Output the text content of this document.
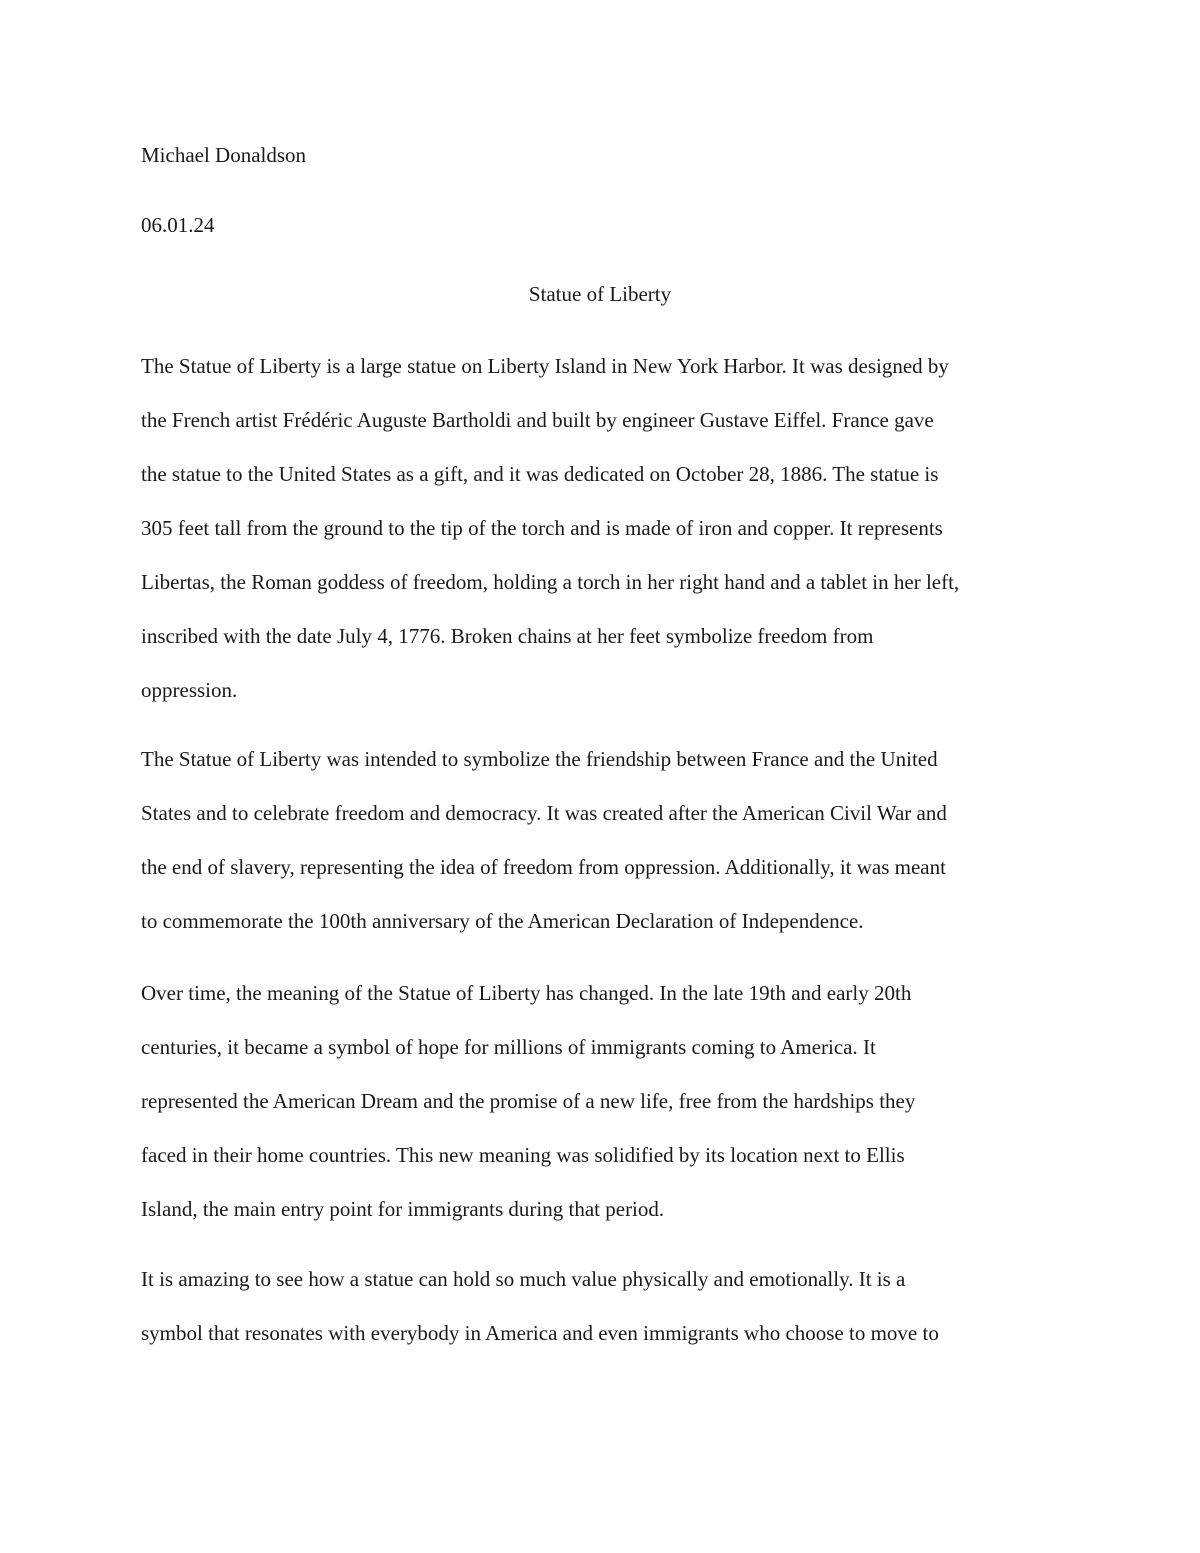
Michael Donaldson

06.01.24

Statue of Liberty

The Statue of Liberty is a large statue on Liberty Island in New York Harbor. It was designed by
the French artist Frédéric Auguste Bartholdi and built by engineer Gustave Eiffel. France gave
the statue to the United States as a gift, and it was dedicated on October 28, 1886. The statue is
305 feet tall from the ground to the tip of the torch and is made of iron and copper. It represents
Libertas, the Roman goddess of freedom, holding a torch in her right hand and a tablet in her left,
inscribed with the date July 4, 1776. Broken chains at her feet symbolize freedom from
oppression.

The Statue of Liberty was intended to symbolize the friendship between France and the United
States and to celebrate freedom and democracy. It was created after the American Civil War and
the end of slavery, representing the idea of freedom from oppression. Additionally, it was meant
to commemorate the 100th anniversary of the American Declaration of Independence.

Over time, the meaning of the Statue of Liberty has changed. In the late 19th and early 20th
centuries, it became a symbol of hope for millions of immigrants coming to America. It
represented the American Dream and the promise of a new life, free from the hardships they
faced in their home countries. This new meaning was solidified by its location next to Ellis
Island, the main entry point for immigrants during that period.

It is amazing to see how a statue can hold so much value physically and emotionally. It is a
symbol that resonates with everybody in America and even immigrants who choose to move to
